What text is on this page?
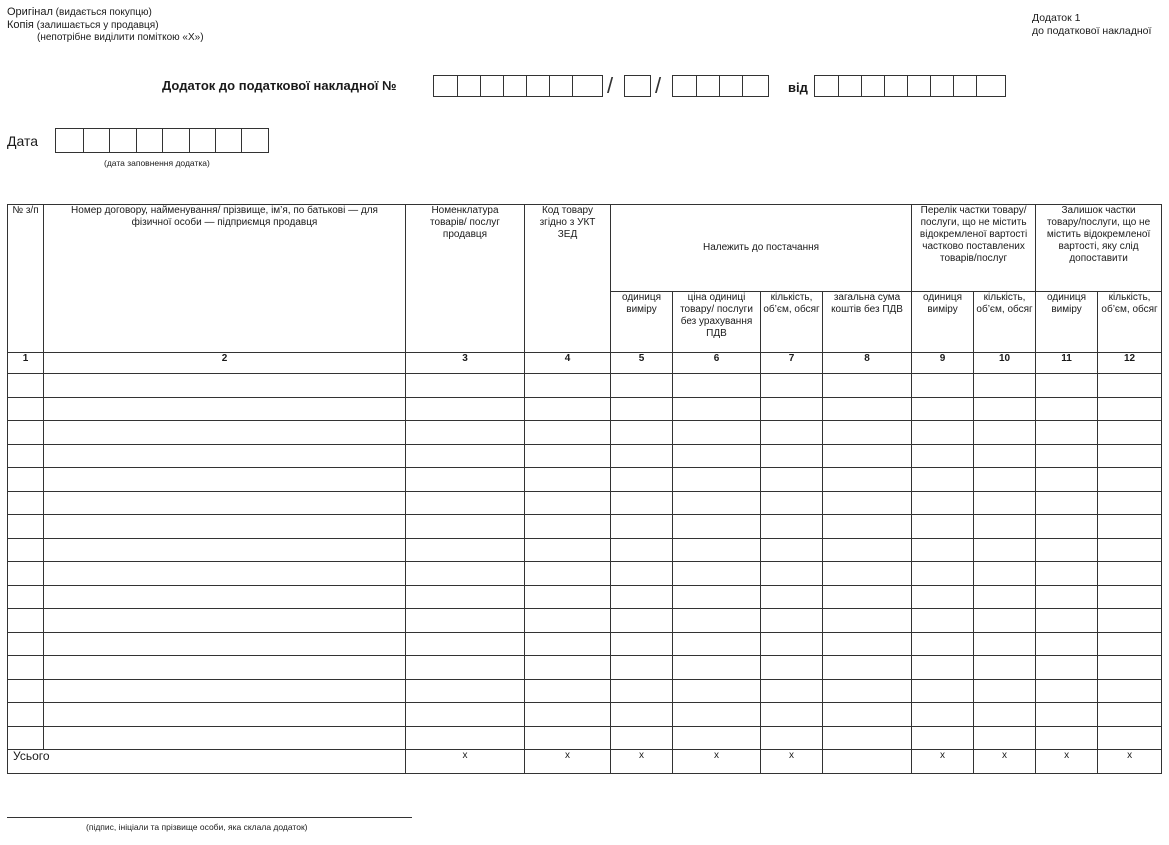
Оригінал (видається покупцю)
Копія (залишається у продавця)
(непотрібне виділити поміткою «Х»)
Додаток 1
до податкової накладної
Додаток до податкової накладної №	/ /	від
Дата
(дата заповнення додатка)
№ з/п	Номер договору, найменування/ прізвище, ім’я, по батькові — для фізичної особи — підприємця продавця	Номенклатура товарів/ послуг продавця	Код товару згідно з УКТ ЗЕД	Належить до постачання				Перелік частки товару/ послуги, що не містить відокремленої вартості частково поставлених товарів/послуг		Залишок частки товару/послуги, що не містить відокремленої вартості, яку слід допоставити	
				одиниця виміру	ціна одиниці товару/ послуги без урахування ПДВ	кількість, об’єм, обсяг	загальна сума коштів без ПДВ	одиниця виміру	кількість, об’єм, обсяг	одиниця виміру	кількість, об’єм, обсяг
1	2	3	4	5	6	7	8	9	10	11	12

Усього		х	х	х	х	х		х	х	х	х
(підпис, ініціали та прізвище особи, яка склала додаток)
